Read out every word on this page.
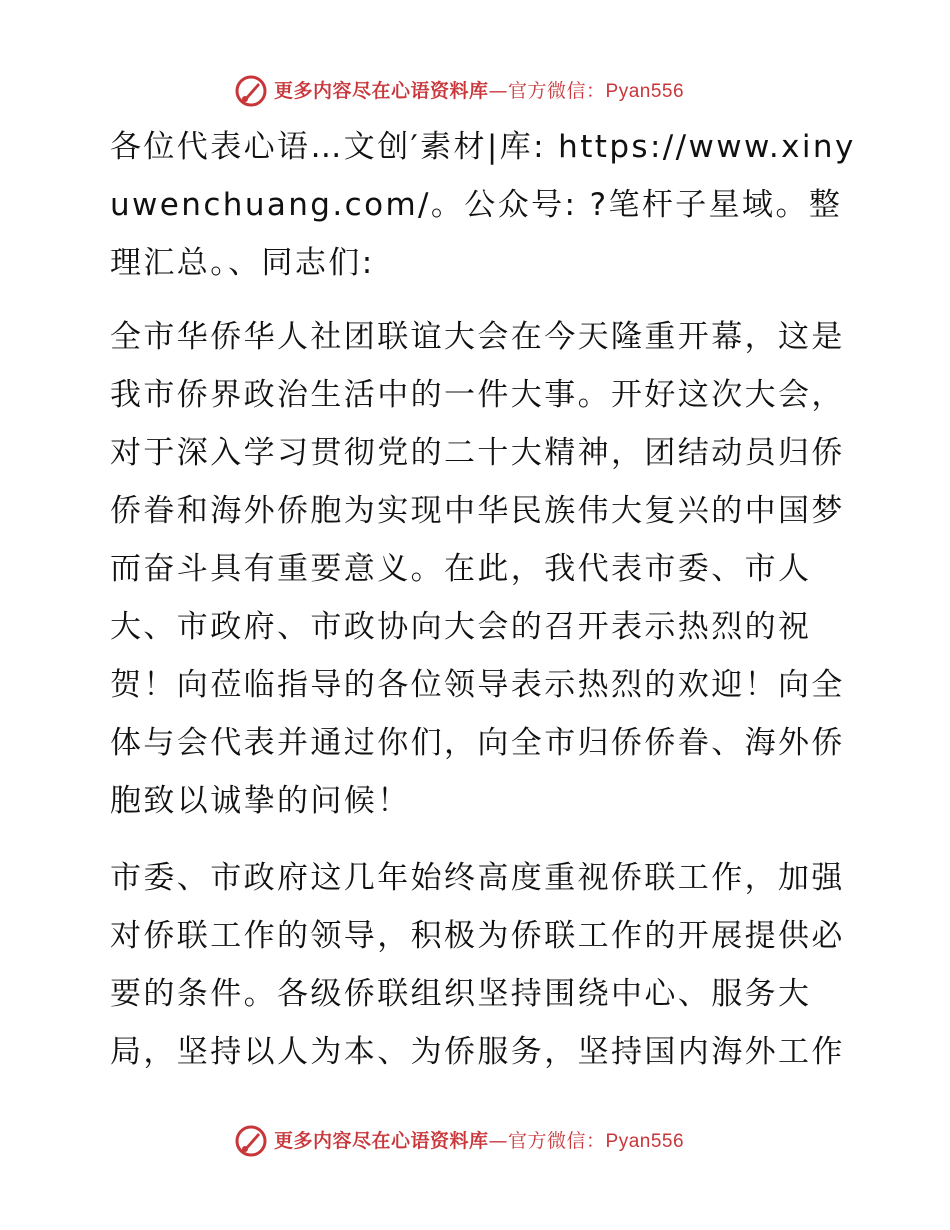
更多内容尽在心语资料库—官方微信：Pyan556
各位代表心语…文创′素材|库: https://www.xinyuwenchuang.com/。公众号: ?笔杆子星域。整理汇总。、同志们:
全市华侨华人社团联谊大会在今天隆重开幕，这是我市侨界政治生活中的一件大事。开好这次大会，对于深入学习贯彻党的二十大精神，团结动员归侨侨眷和海外侨胞为实现中华民族伟大复兴的中国梦而奋斗具有重要意义。在此，我代表市委、市人大、市政府、市政协向大会的召开表示热烈的祝贺！向莅临指导的各位领导表示热烈的欢迎！向全体与会代表并通过你们，向全市归侨侨眷、海外侨胞致以诚挚的问候！
市委、市政府这几年始终高度重视侨联工作，加强对侨联工作的领导，积极为侨联工作的开展提供必要的条件。各级侨联组织坚持围绕中心、服务大局，坚持以人为本、为侨服务，坚持国内海外工作
更多内容尽在心语资料库—官方微信：Pyan556
